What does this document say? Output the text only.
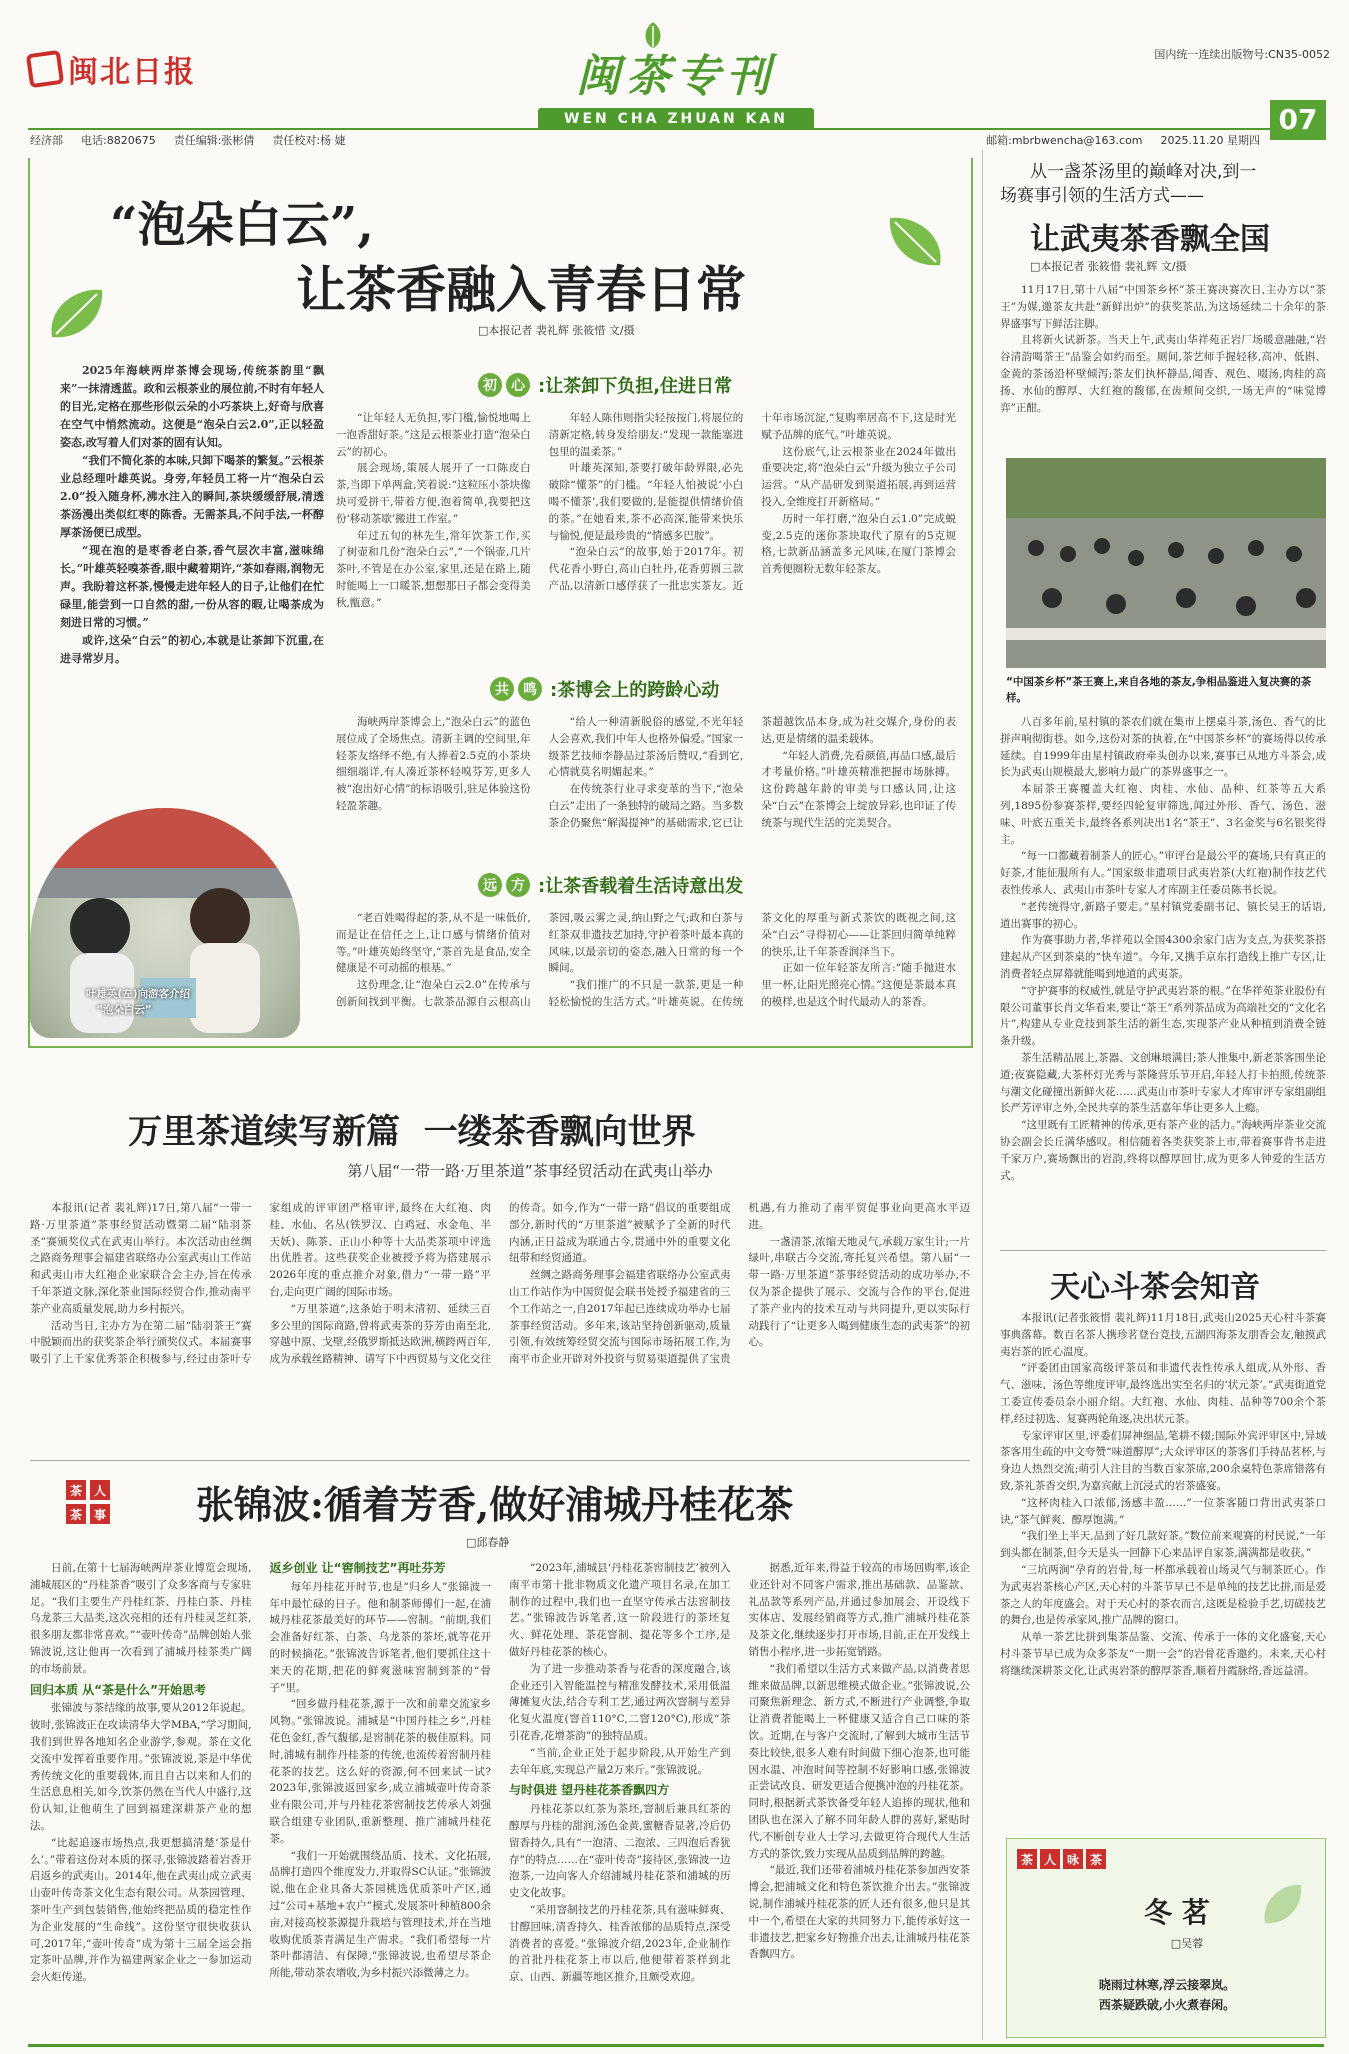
闽北日报	闽茶专刊
WEN CHA ZHUAN KAN
国内统一连续出版物号:CN35-0052
经济部 电话:8820675 责任编辑:张彬倩 责任校对:杨 婕	邮箱:mbrbwencha@163.com 2025.11.20 星期四
07
“泡朵白云”,
让茶香融入青春日常
□本报记者 裴礼辉 张筱惜 文/摄

2025年海峡两岸茶博会现场,传统茶韵里“飘来”一抹清透蓝。政和云根茶业的展位前,不时有年轻人的目光,定格在那些形似云朵的小巧茶块上,好奇与欣喜在空气中悄然流动。这便是“泡朵白云2.0”,正以轻盈姿态,改写着人们对茶的固有认知。

“我们不简化茶的本味,只卸下喝茶的繁复。”云根茶业总经理叶雄英说。身旁,年轻员工将一片“泡朵白云2.0”投入随身杯,沸水注入的瞬间,茶块缓缓舒展,清透茶汤漫出类似红枣的陈香。无需茶具,不问手法,一杯醇厚茶汤便已成型。

“现在泡的是枣香老白茶,香气层次丰富,滋味绵长。”叶雄英轻嗅茶香,眼中藏着期许,“茶如春雨,润物无声。我盼着这杯茶,慢慢走进年轻人的日子,让他们在忙碌里,能尝到一口自然的甜,一份从容的暇,让喝茶成为刻进日常的习惯。”

或许,这朵“白云”的初心,本就是让茶卸下沉重,在进寻常岁月。

叶雄英(左)向游客介绍
“泡朵白云”
初	心 :让茶卸下负担,住进日常

“让年轻人无负担,零门槛,愉悦地喝上一泡香甜好茶。”这是云根茶业打造“泡朵白云”的初心。

展会现场,策展人展开了一口陈皮白茶,当即下单两盒,笑着说:“这粒压小茶块像块可爱拼干,带着方便,泡着简单,我要把这份‘移动茶歇’搬进工作室。”

年过五旬的林先生,常年饮茶工作,买了树壶和几份“泡朵白云”,“一个锅壶,几片茶叶,不管是在办公室,家里,还是在路上,随时能喝上一口暖茶,想想那日子都会变得美秋,甑意。”

年轻人陈伟则指尖轻按按门,将展位的清新定格,转身发给朋友:“发现一款能塞进包里的温柔茶。”

叶雄英深知,茶要打破年龄界限,必先破除“懂茶”的门槛。“年轻人怕被说‘小白喝不懂茶’,我们要做的,是能提供情绪价值的茶。”在她看来,茶不必高深,能带来快乐与愉悦,便是最珍贵的“情感多巴胺”。

“泡朵白云”的故事,始于2017年。初代花香小野白,高山白牡丹,花香剪圆三款产品,以清新口感俘获了一批忠实茶友。近十年市场沉淀,“复购率居高不下,这是时光赋予品牌的底气。”叶雄英说。

这份底气,让云根茶业在2024年做出重要决定,将“泡朵白云”升级为独立子公司运营。“从产品研发到渠道拓展,再到运营投入,全维度打开新格局。”

历时一年打磨,“泡朵白云1.0”完成蜕变,2.5克的迷你茶块取代了原有的5克规格,七款新品涵盖多元风味,在厦门茶博会首秀便圈粉无数年轻茶友。

共	鸣 :茶博会上的跨龄心动

海峡两岸茶博会上,“泡朵白云”的蓝色展位成了全场焦点。清新主调的空间里,年轻茶友络绎不绝,有人捧着2.5克的小茶块细细端详,有人凑近茶杯轻嗅芬芳,更多人被“泡出好心情”的标语吸引,驻足体验这份轻盈茶趣。

“给人一种清新脱俗的感觉,不光年轻人会喜欢,我们中年人也格外偏爱。”国家一级茶艺技师李静品过茶汤后赞叹,“看到它,心情就莫名明媚起来。”

在传统茶行业寻求变革的当下,“泡朵白云”走出了一条独特的破局之路。当多数茶企仍聚焦“解渴提神”的基础需求,它已让茶超越饮品本身,成为社交媒介,身份的表达,更是情绪的温柔载体。

“年轻人消费,先看颜值,再品口感,最后才考量价格。”叶雄英精准把握市场脉搏。这份跨越年龄的审美与口感认同,让这朵“白云”在茶博会上绽放异彩,也印证了传统茶与现代生活的完美契合。

远	方 :让茶香载着生活诗意出发

“老百姓喝得起的茶,从不是一味低价,而是让在信任之上,让口感与情绪价值对等。”叶雄英始终坚守,“茶首先是食品,安全健康是不可动摇的根基。”

这份理念,让“泡朵白云2.0”在传承与创新间找到平衡。七款茶品源自云根高山茶园,吸云雾之灵,纳山野之气;政和白茶与红茶双非遗技艺加持,守护着茶叶最本真的风味,以最亲切的姿态,融入日常的每一个瞬间。

“我们推广的不只是一款茶,更是一种轻松愉悦的生活方式。”叶雄英说。在传统茶文化的厚重与新式茶饮的既视之间,这朵“白云”寻得初心——让茶回归简单纯粹的快乐,让千年茶香润泽当下。

正如一位年轻茶友所言:“随手抛进水里一杯,让阳光照亮心情。”这便是茶最本真的模样,也是这个时代最动人的茶香。

万里茶道续写新篇  一缕茶香飘向世界
第八届“一带一路·万里茶道”茶事经贸活动在武夷山举办

本报讯(记者 裴礼辉)17日,第八届“一带一路·万里茶道”茶事经贸活动暨第二届“陆羽茶圣”赛颁奖仪式在武夷山举行。本次活动由丝绸之路商务理事会福建省联络办公室武夷山工作站和武夷山市大红袍企业家联合会主办,旨在传承千年茶道文脉,深化茶业国际经贸合作,推动南平茶产业高质量发展,助力乡村振兴。

活动当日,主办方为在第二届“陆羽茶王”赛中脱颖而出的获奖茶企举行颁奖仪式。本届赛事吸引了上千家优秀茶企积极参与,经过由茶叶专家组成的评审团严格审评,最终在大红袍、肉桂、水仙、名丛(铁罗汉、白鸡冠、水金龟、半天妖)、陈茶、正山小种等十大品类茶项中评选出优胜者。这些获奖企业被授予将为搭建展示2026年度的重点推介对象,借力“一带一路”平台,走向更广阔的国际市场。

“万里茶道”,这条始于明末清初、延续三百多公里的国际商路,曾将武夷茶的芬芳由南至北,穿越中原、戈壁,经俄罗斯抵达欧洲,横跨两百年,成为承载丝路精神、请写下中西贸易与文化交往的传奇。如今,作为“一带一路”倡议的重要组成部分,新时代的“万里茶道”被赋予了全新的时代内涵,正日益成为联通古今,贯通中外的重要文化纽带和经贸通道。

丝绸之路商务理事会福建省联络办公室武夷山工作站作为中国贸促会联书处授予福建省的三个工作站之一,自2017年起已连续成功举办七届茶事经贸活动。多年来,该站坚持创新驱动,质量引领,有效统筹经贸交流与国际市场拓展工作,为南平市企业开辟对外投资与贸易渠道提供了宝贵机遇,有力推动了南平贸促事业向更高水平迈进。

一盏清茶,浓缩天地灵气,承载万家生计;一片绿叶,串联古今交流,寄托复兴希望。第八届“一带一路·万里茶道”茶事经贸活动的成功举办,不仅为茶企提供了展示、交流与合作的平台,促进了茶产业内的技术互动与共同提升,更以实际行动践行了“让更多人喝到健康生态的武夷茶”的初心。

茶 人
茶 事 张锦波:循着芳香,做好浦城丹桂花茶
□邱春静

日前,在第十七届海峡两岸茶业博览会现场,浦城展区的“丹桂茶香”吸引了众多客商与专家驻足。“我们主要生产丹桂红茶、丹桂白茶、丹桂乌龙茶三大品类,这次亮相的还有丹桂灵芝红茶,很多朋友都非常喜欢。”“壶叶传奇”品牌创始人张锦波说,这让他再一次看到了浦城丹桂茶类广阔的市场前景。

回归本质 从“茶是什么”开始思考

张锦波与茶结缘的故事,要从2012年说起。彼时,张锦波正在攻读清华大学MBA,“学习期间,我们到世界各地知名企业游学,参观。茶在文化交流中发挥着重要作用。”张锦波说,茶是中华优秀传统文化的重要载体,而且自古以来和人们的生活息息相关,如今,饮茶仍然在当代人中盛行,这份认知,让他萌生了回到福建深耕茶产业的想法。

“比起追逐市场热点,我更想搞清楚‘茶是什么’。”带着这份对本质的探寻,张锦波踏着岩香开启返乡的武夷山。2014年,他在武夷山成立武夷山壶叶传奇茶文化生态有限公司。从茶园管理、茶叶生产到包装销售,他始终把品质的稳定性作为企业发展的“生命线”。这份坚守很快收获认可,2017年,“壶叶传奇”成为第十三届全运会指定茶叶品牌,并作为福建两家企业之一参加运动会火炬传递。

返乡创业 让“窖制技艺”再吐芬芳

每年丹桂花开时节,也是“归乡人”张锦波一年中最忙碌的日子。他和制茶师傅们一起,在浦城丹桂花茶最美好的环节——窖制。“前期,我们会准备好红茶、白茶、乌龙茶的茶坯,就等花开的时候摘花。”张锦波告诉笔者,他们要抓住这十来天的花期,把花的鲜爽滋味窖制到茶的“骨子”里。

“回乡做丹桂花茶,源于一次和前辈交流家乡风物。”张锦波说。浦城是“中国丹桂之乡”,丹桂花色金红,香气馥郁,是窖制花茶的极佳原料。同时,浦城有制作丹桂茶的传统,也流传着窖制丹桂花茶的技艺。这么好的资源,何不回来试一试?2023年,张锦波返回家乡,成立浦城壶叶传奇茶业有限公司,并与丹桂花茶窖制技艺传承人刘强联合组建专业团队,重新整理、推广浦城丹桂花茶。

“我们一开始就围绕品质、技术、文化拓展,品牌打造四个维度发力,并取得SC认证。”张锦波说,他在企业具备大茶园桃选优质茶叶产区,通过“公司+基地+农户”模式,发展茶叶种植800余亩,对接高校茶源提升栽培与管理技术,并在当地收购优质茶青满足生产需求。“我们希望每一片茶叶都清洁、有保障,”张锦波说,也希望尽茶企所能,带动茶农增收,为乡村振兴添微薄之力。

“2023年,浦城县‘丹桂花茶窖制技艺’被列入南平市第十批非物质文化遗产项目名录,在加工制作的过程中,我们也一直坚守传承古法窖制技艺。”张锦波告诉笔者,这一阶段进行的茶坯复火、鲜花处理、茶花窨制、提花等多个工序,是做好丹桂花茶的核心。

为了进一步推动茶香与花香的深度融合,该企业还引入智能温控与精准发酵技术,采用低温薄摊复火法,结合专利工艺,通过两次窨制与差异化复火温度(窨首110°C,二窨120°C),形成“茶引花香,花增茶韵”的独特品质。

“当前,企业正处于起步阶段,从开始生产到去年年底,实现总产量2万来斤。”张锦波说。

与时俱进 望丹桂花茶香飘四方

丹桂花茶以红茶为茶坯,窨制后兼具红茶的醇厚与丹桂的甜润,汤色金黄,蜜糖香显著,冷后仍留香持久,具有“一泡清、二泡浓、三四泡后香犹存”的特点……在“壶叶传奇”接待区,张锦波一边泡茶,一边向客人介绍浦城丹桂花茶和浦城的历史文化故事。

“采用窨制技艺的丹桂花茶,具有滋味鲜爽、甘醇回味,清香持久、桂香浓郁的品质特点,深受消费者的喜爱。”张锦波介绍,2023年,企业制作的首批丹桂花茶上市以后,他便带着茶样到北京、山西、新疆等地区推介,且颇受欢迎。

据悉,近年来,得益于较高的市场回购率,该企业还针对不同客户需求,推出基础款、品鉴款、礼品款等系列产品,并通过参加展会、开设线下实体店、发展经销商等方式,推广浦城丹桂花茶及茶文化,继续逐步打开市场,目前,正在开发线上销售小程序,进一步拓宽销路。

“我们希望以生活方式来做产品,以消费者思维来做品牌,以新思维模式做企业。”张锦波说,公司聚焦新理念、新方式,不断进行产业调整,争取让消费者能喝上一杯健康又适合自己口味的茶饮。近期,在与客户交流时,了解到大城市生活节奏比较快,很多人难有时间做下细心泡茶,也可能因水温、冲泡时间等控制不好影响口感,张锦波正尝试改良、研发更适合便携冲泡的丹桂花茶。同时,根据新式茶饮备受年轻人追捧的现状,他和团队也在深入了解不同年龄人群的喜好,紧贴时代,不断创专业人士学习,去做更符合现代人生活方式的茶饮,致力实现从品质到品牌的跨越。

“最近,我们还带着浦城丹桂花茶参加西安茶博会,把浦城文化和特色茶饮推介出去。”张锦波说,制作浦城丹桂花茶的匠人还有很多,他只是其中一个,希望在大家的共同努力下,能传承好这一非遗技艺,把家乡好物推介出去,让浦城丹桂花茶香飘四方。

从一盏茶汤里的巅峰对决,到一
场赛事引领的生活方式——
让武夷茶香飘全国
□本报记者 张筱惜 裴礼辉 文/摄

11月17日,第十八届“中国茶乡杯”茶王赛决赛次日,主办方以“茶王”为媒,邀茶友共赴“新鲜出炉”的获奖茶品,为这场延续二十余年的茶界盛事写下鲜活注脚。

且将新火试新茶。当天上午,武夷山华祥苑正岩厂场暖意融融,“岩谷清韵喝茶王”品鉴会如约而至。厕间,茶艺师手握轻移,高冲、低斟、金黄的茶汤沿杯壁倾泻;茶友们执杯静品,闻香、观色、啜汤,肉桂的高扬、水仙的醇厚、大红袍的馥郁,在齿颊间交织,一场无声的“味觉博弈”正酣。

“中国茶乡杯”茶王赛上,来自各地的茶友,争相品鉴进入复决赛的茶样。

八百多年前,星村镇的茶农们就在集市上摆桌斗茶,汤色、香气的比拼声响彻街巷。如今,这份对茶的执着,在“中国茶乡杯”的赛场得以传承延续。自1999年由星村镇政府牵头创办以来,赛事已从地方斗茶会,成长为武夷山规模最大,影响力最广的茶界盛事之一。

本届茶王赛覆盖大红袍、肉桂、水仙、品种、红茶等五大系列,1895份参赛茶样,要经四轮复审筛选,闻过外形、香气、汤色、滋味、叶底五重关卡,最终各系列决出1名“茶王”、3名金奖与6名银奖得主。

“每一口都藏着制茶人的匠心。”审评台是最公平的赛场,只有真正的好茶,才能征服所有人。”国家级非遗项目武夷岩茶(大红袍)制作技艺代表性传承人、武夷山市茶叶专家人才库副主任委员陈书长说。

“老传统得守,新路子要走。”星村镇党委副书记、镇长吴王的话语,道出赛事的初心。

作为赛事助力者,华祥苑以全国4300余家门店为支点,为获奖茶搭建起从产区到茶桌的“快车道”。今年,又携手京东打造线上推广专区,让消费者轻点屏幕就能喝到地道的武夷茶。

“守护赛事的权威性,就是守护武夷岩茶的根。”在华祥苑茶业股份有限公司董事长肖文华看来,要让“茶王”系列茶品成为高端社交的“文化名片”,构建从专业竞技到茶生活的新生态,实现茶产业从种植到消费全链条升级。

茶生活精品展上,茶器、文创琳琅满目;茶人推集中,新老茶客围坐论道;夜赛隐藏,大茶杯灯光秀与茶隆营乐节开启,年轻人打卡拍照,传统茶与潮文化碰撞出新鲜火花……武夷山市茶叶专家人才库审评专家组副组长严芳评审之外,全民共享的茶生活嘉年华让更多人上瘾。

“这里既有工匠精神的传承,更有茶产业的活力。”海峡两岸茶业交流协会副会长丘满华感叹。相信随着各类获奖茶上市,带着赛事背书走进千家万户,赛场飘出的岩韵,终将以醇厚回甘,成为更多人钟爱的生活方式。

天心斗茶会知音

本报讯(记者张筱惜 裴礼辉)11月18日,武夷山2025天心村斗茶赛事典落幕。数百名茶人携珍茗登台竞技,五湖四海茶友朋香会友,触摸武夷岩茶的匠心温度。

“评委团由国家高级评茶员和非遗代表性传承人组成,从外形、香气、滋味、汤色等维度评审,最终选出实至名归的‘状元茶’。”武夷街道党工委宣传委员奈小丽介绍。大红袍、水仙、肉桂、品种等700余个茶样,经过初选、复赛两轮角逐,决出状元茶。

专家评审区里,评委们屏神细品,笔耕不辍;国际外宾评审区中,异域茶客用生疏的中文夸赞“味道醇厚”;大众评审区的茶客们手持品茗杯,与身边人热烈交流;萌引人注目的当数百家茶席,200余桌特色茶席错落有致,茶礼茶香交织,为嘉宾献上沉浸式的岩茶盛宴。

“这杯肉桂入口浓郁,汤感丰盈……”一位茶客随口背出武夷茶口诀,“茶气鲜爽、醇厚饱满。”

“我们坐上半天,品到了好几款好茶。”数位前来观赛的村民说,“一年到头都在制茶,但今天是头一回静下心来品评自家茶,满满都是收获。”

“三坑两涧”孕育的岩骨,每一杯都承载着山场灵气与制茶匠心。作为武夷岩茶核心产区,天心村的斗茶节早已不是单纯的技艺比拼,而是爱茶之人的年度盛会。对于天心村的茶农而言,这既是检验手艺,切磋技艺的舞台,也是传承家风,推广品牌的窗口。

从单一茶艺比拼到集茶品鉴、交流、传承于一体的文化盛宴,天心村斗茶节早已成为众多茶友“一期一会”的岩骨花香邀约。未来,天心村将继续深耕茶文化,让武夷岩茶的醇厚茶香,顺着丹霞脉络,香远益清。

茶 人 咏 茶
冬 茗
□吴蓉
晓雨过林寒,浮云接翠岚。
西茶疑跌破,小火煮春闲。
